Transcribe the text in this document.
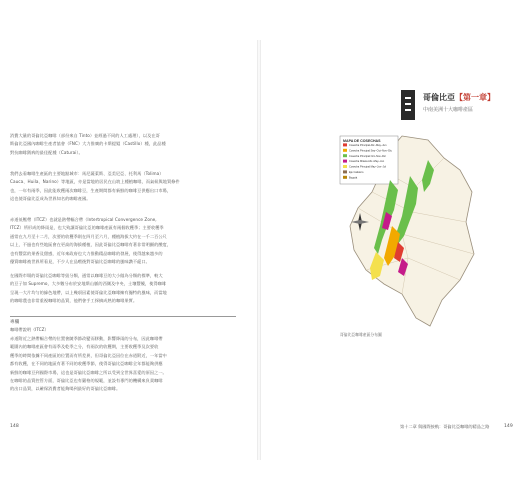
消費大量的哥倫比亞咖啡（部份來自 Tinto）並經過不同的人工處理），以及在哥
斯倫比亞國內咖啡生產者協會（FNC）大力推廣的卡斯提婭（Castillo）種，此品種
對抗咖啡銹病的最佳配種（Caturai）。
我們去看咖啡生產區的主要地點城市：馬尼薩萊斯、亞美尼亞、托利馬（Tolima）
Cauca、Huila、Narino）等地區，亦是當地的居民在山坡上種植咖啡，而氣候與地質條件
也，一年有兩季，因此能收穫兩次咖啡豆，生產期間都有新鮮的咖啡豆供應出口市場，
這也使哥倫比亞成為世界知名的咖啡產國。
赤道低壓帶（ITCZ）也就是熱帶輻合帶（Intertropical Convergence Zone,
ITCZ）所形成的降雨是，也大致讓哥倫比亞的咖啡產區有兩個收穫季；主要收穫季
通常在九月至十二月，次要的收穫季則在四月至六月，種植海拔大約在一千二百公尺
以上，不過也有些地區會在更高的海拔種植，因此哥倫比亞咖啡有著非常明顯的酸度，
也有豐富的果香及甜感，近年來政府也大力推動精品咖啡的發展，使得越來越多的
優質咖啡被世界所看見，不少人在品嚐後對哥倫比亞咖啡的風味讚不絕口。
在國際市場的哥倫比亞咖啡等級分類，通常以咖啡豆的大小做為分類的標準，較大
的豆子如 Supremo，大多數分布於安地斯山脈的西側及中央，土壤豐饒，使得咖啡
呈現一大片均勻的綠色地帶，以上幾項因素使哥倫比亞咖啡擁有獨特的風味，而當地
的咖啡農也非常重視咖啡的品質，他們會手工採摘成熟的咖啡果實。
專欄
咖啡帶說明（ITCZ）
赤道附近之熱帶輻合帶的位置會隨季節改變而移動，影響降雨的分布，因此咖啡帶
範圍內的咖啡產區會有雨季及乾季之分，有兩次的收穫期，主要收穫季及次要收
穫季的時間依據不同產區的位置而有所差異，但哥倫比亞因位在赤道附近，一年當中
都有收穫，在不同的地區有著不同的收穫季節，使得哥倫比亞咖啡全年都能夠供應
新鮮的咖啡豆到國際市場，這也是哥倫比亞咖啡之所以受到全世界喜愛的原因之一。
在咖啡的品質控管方面，哥倫比亞也有嚴格的規範，並設有專門的機構來負責咖啡
的出口品質，以確保消費者能夠喝到最好的哥倫比亞咖啡。
148
哥倫比亞【第一章】
中南美洲十大咖啡產區
MAPA DE COSECHAS
Cosecha Principal Abr–May–Jun
Cosecha Principal Sep–Oct–Nov–Dic
Cosecha Principal Oct–Nov–Dic
Cosecha Mitaca Abr–May–Jun
Cosecha Principal May–Jun–Jul
Eje Cafetero
Bogotá
哥倫比亞咖啡產區分布圖
第十二章 與國際接軌：哥倫比亞咖啡的精品之路	149
